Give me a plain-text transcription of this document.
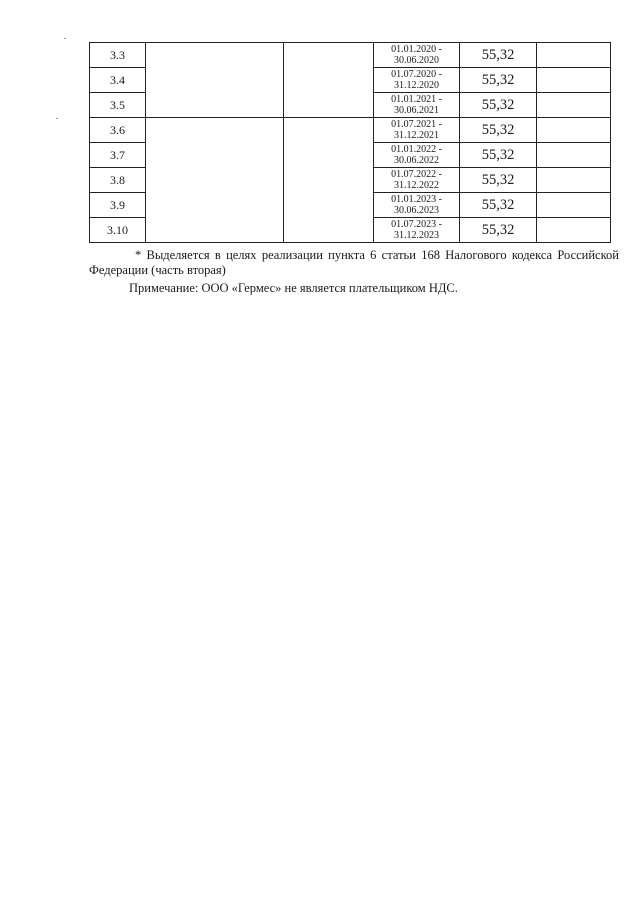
3.3			01.01.2020 -
30.06.2020	55,32	

3.4			01.07.2020 -
31.12.2020	55,32	

3.5			01.01.2021 -
30.06.2021	55,32	

3.6			01.07.2021 -
31.12.2021	55,32	

3.7			01.01.2022 -
30.06.2022	55,32	

3.8			01.07.2022 -
31.12.2022	55,32	

3.9			01.01.2023 -
30.06.2023	55,32	

3.10			01.07.2023 -
31.12.2023	55,32	

* Выделяется в целях реализации пункта 6 статьи 168 Налогового кодекса Российской Федерации (часть вторая)

Примечание: ООО «Гермес» не является плательщиком НДС.
